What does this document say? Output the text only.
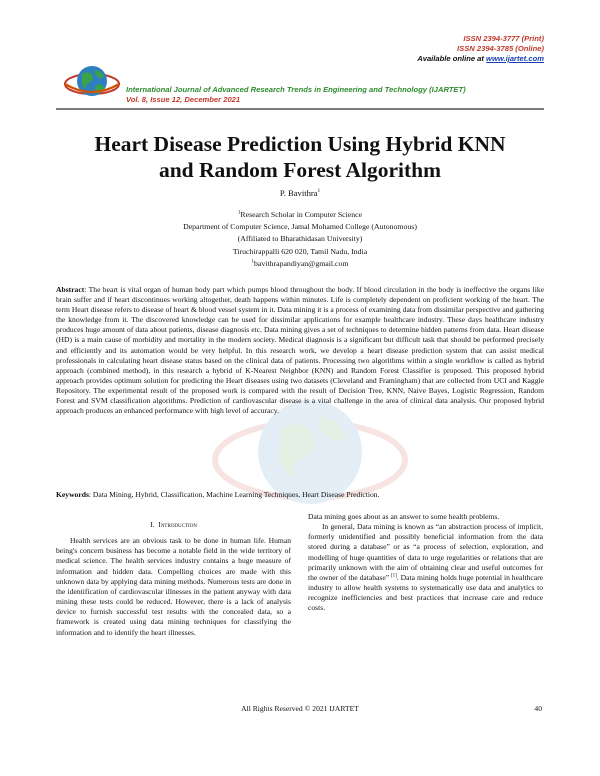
ISSN 2394-3777 (Print)
ISSN 2394-3785 (Online)
Available online at www.ijartet.com
International Journal of Advanced Research Trends in Engineering and Technology (IJARTET)
Vol. 8, Issue 12, December 2021
Heart Disease Prediction Using Hybrid KNN
and Random Forest Algorithm
P. Bavithra$^1$
$^1$Research Scholar in Computer Science
Department of Computer Science, Jamal Mohamed College (Autonomous)
(Affiliated to Bharathidasan University)
Tiruchirappalli 620 020, Tamil Nadu, India
$^1$bavithrapandiyan@gmail.com

Abstract: The heart is vital organ of human body part which pumps blood throughout the body. If blood circulation in the body is ineffective the organs like brain suffer and if heart discontinues working altogether, death happens within minutes. Life is completely dependent on proficient working of the heart. The term Heart disease refers to disease of heart & blood vessel system in it. Data mining it is a process of examining data from dissimilar perspective and gathering the knowledge from it. The discovered knowledge can be used for dissimilar applications for example healthcare industry. These days healthcare industry produces huge amount of data about patients, disease diagnosis etc. Data mining gives a set of techniques to determine hidden patterns from data. Heart disease (HD) is a main cause of morbidity and mortality in the modern society. Medical diagnosis is a significant but difficult task that should be performed precisely and efficiently and its automation would be very helpful. In this research work, we develop a heart disease prediction system that can assist medical professionals in calculating heart disease status based on the clinical data of patients. Processing two algorithms within a single workflow is called as hybrid approach (combined method), in this research a hybrid of K-Nearest Neighbor (KNN) and Random Forest Classifier is proposed. This proposed hybrid approach provides optimum solution for predicting the Heart diseases using two datasets (Cleveland and Framingham) that are collected from UCI and Kaggle Repository. The experimental result of the proposed work is compared with the result of Decision Tree, KNN, Naive Bayes, Logistic Regression, Random Forest and SVM classification algorithms. Prediction of cardiovascular disease is a vital challenge in the area of clinical data analysis. Our proposed hybrid approach produces an enhanced performance with high level of accuracy.

Keywords: Data Mining, Hybrid, Classification, Machine Learning Techniques, Heart Disease Prediction.

I. Introduction

Health services are an obvious task to be done in human life. Human being's concern business has become a notable field in the wide territory of medical science. The health services industry contains a huge measure of information and hidden data. Compelling choices are made with this unknown data by applying data mining methods. Numerous tests are done in the identification of cardiovascular illnesses in the patient anyway with data mining these tests could be reduced. However, there is a lack of analysis device to furnish successful test results with the concealed data, so a framework is created using data mining techniques for classifying the information and to identify the heart illnesses.

Data mining goes about as an answer to some health problems.

In general, Data mining is known as “an abstraction process of implicit, formerly unidentified and possibly beneficial information from the data stored during a database” or as “a process of selection, exploration, and modelling of huge quantities of data to urge regularities or relations that are primarily unknown with the aim of obtaining clear and useful outcomes for the owner of the database” [1]. Data mining holds huge potential in healthcare industry to allow health systems to systematically use data and analytics to recognize inefficiencies and best practices that increase care and reduce costs.

All Rights Reserved © 2021 IJARTET	40
